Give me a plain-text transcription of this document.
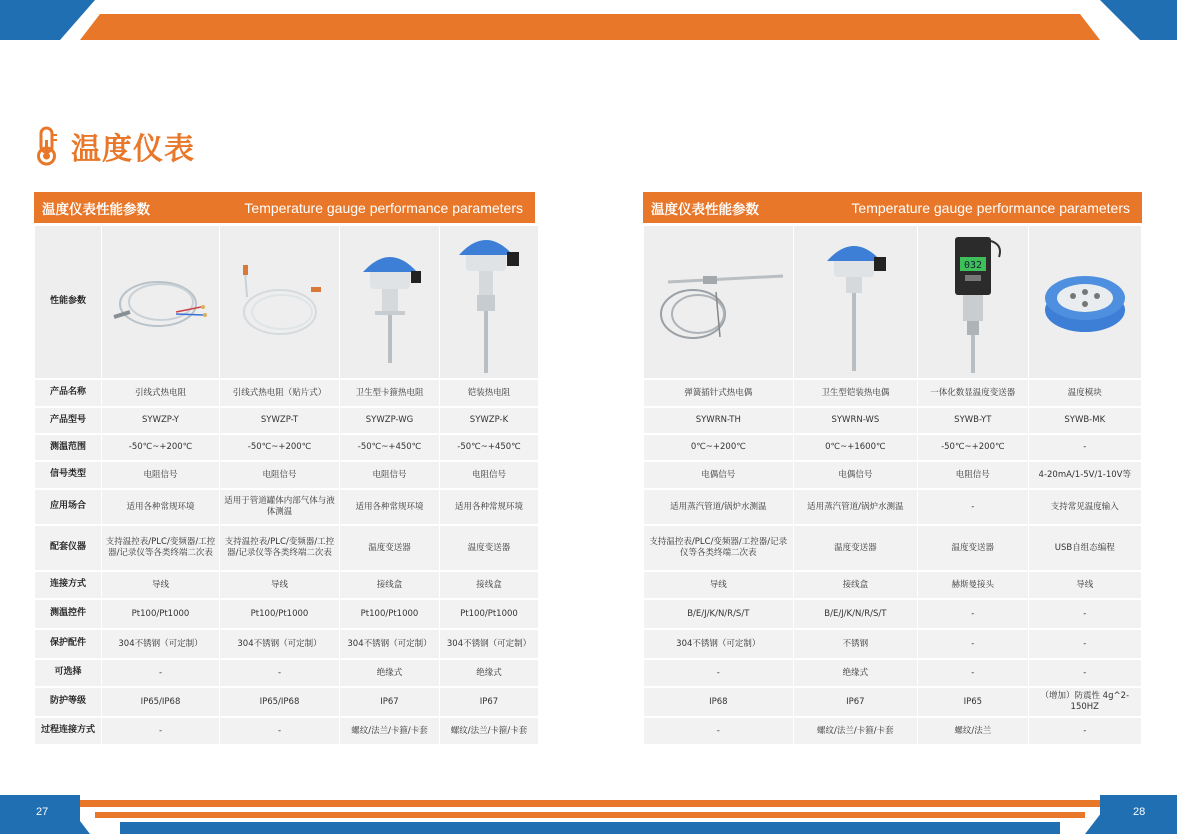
27	28
温度仪表
温度仪表性能参数	Temperature gauge performance parameters
性能参数	

产品名称	引线式热电阻	引线式热电阻（贴片式）	卫生型卡箍热电阻	铠装热电阻
产品型号	SYWZP-Y	SYWZP-T	SYWZP-WG	SYWZP-K
测温范围	-50℃~+200℃	-50℃~+200℃	-50℃~+450℃	-50℃~+450℃
信号类型	电阻信号	电阻信号	电阻信号	电阻信号
应用场合	适用各种常规环境	适用于管道罐体内部气体与液体测温	适用各种常规环境	适用各种常规环境
配套仪器	支持温控表/PLC/变频器/工控器/记录仪等各类终端二次表	支持温控表/PLC/变频器/工控器/记录仪等各类终端二次表	温度变送器	温度变送器
连接方式	导线	导线	接线盒	接线盒
测温控件	Pt100/Pt1000	Pt100/Pt1000	Pt100/Pt1000	Pt100/Pt1000
保护配件	304不锈钢（可定制）	304不锈钢（可定制）	304不锈钢（可定制）	304不锈钢（可定制）
可选择	-	-	绝缘式	绝缘式
防护等级	IP65/IP68	IP65/IP68	IP67	IP67
过程连接方式	-	-	螺纹/法兰/卡箍/卡套	螺纹/法兰/卡箍/卡套
温度仪表性能参数	Temperature gauge performance parameters

032

弹簧插针式热电偶	卫生型铠装热电偶	一体化数显温度变送器	温度模块
SYWRN-TH	SYWRN-WS	SYWB-YT	SYWB-MK
0℃~+200℃	0℃~+1600℃	-50℃~+200℃	-
电偶信号	电偶信号	电阻信号	4-20mA/1-5V/1-10V等
适用蒸汽管道/锅炉水测温	适用蒸汽管道/锅炉水测温	-	支持常见温度输入
支持温控表/PLC/变频器/工控器/记录仪等各类终端二次表	温度变送器	温度变送器	USB自组态编程
导线	接线盒	赫斯曼接头	导线
B/E/J/K/N/R/S/T	B/E/J/K/N/R/S/T	-	-
304不锈钢（可定制）	不锈钢	-	-
-	绝缘式	-	-
IP68	IP67	IP65	（增加）防震性 4g^2-150HZ
-	螺纹/法兰/卡箍/卡套	螺纹/法兰	-
